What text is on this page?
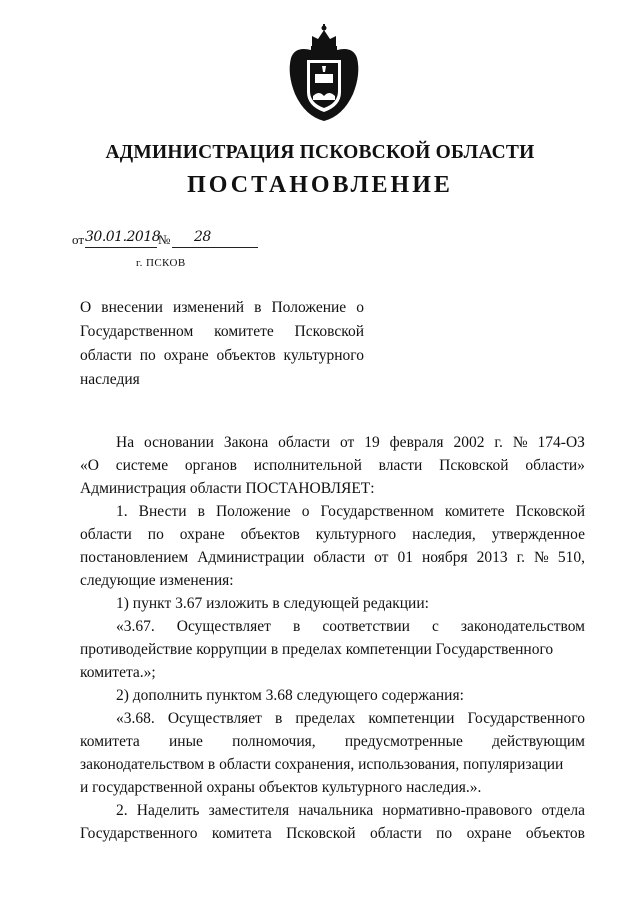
АДМИНИСТРАЦИЯ ПСКОВСКОЙ ОБЛАСТИ
ПОСТАНОВЛЕНИЕ
от 30.01.2018
№ 28
г. ПСКОВ
О внесении изменений в Положение о Государственном комитете Псковской области по охране объектов культурного наследия
На основании Закона области от 19 февраля 2002 г. № 174-ОЗ
«О системе органов исполнительной власти Псковской области»
Администрация области ПОСТАНОВЛЯЕТ:
1. Внести в Положение о Государственном комитете Псковской
области по охране объектов культурного наследия, утвержденное
постановлением Администрации области от 01 ноября 2013 г. № 510,
следующие изменения:
1) пункт 3.67 изложить в следующей редакции:
«3.67. Осуществляет в соответствии с законодательством
противодействие коррупции в пределах компетенции Государственного
комитета.»;
2) дополнить пунктом 3.68 следующего содержания:
«3.68. Осуществляет в пределах компетенции Государственного
комитета иные полномочия, предусмотренные действующим
законодательством в области сохранения, использования, популяризации
и государственной охраны объектов культурного наследия.».
2. Наделить заместителя начальника нормативно-правового отдела
Государственного комитета Псковской области по охране объектов
